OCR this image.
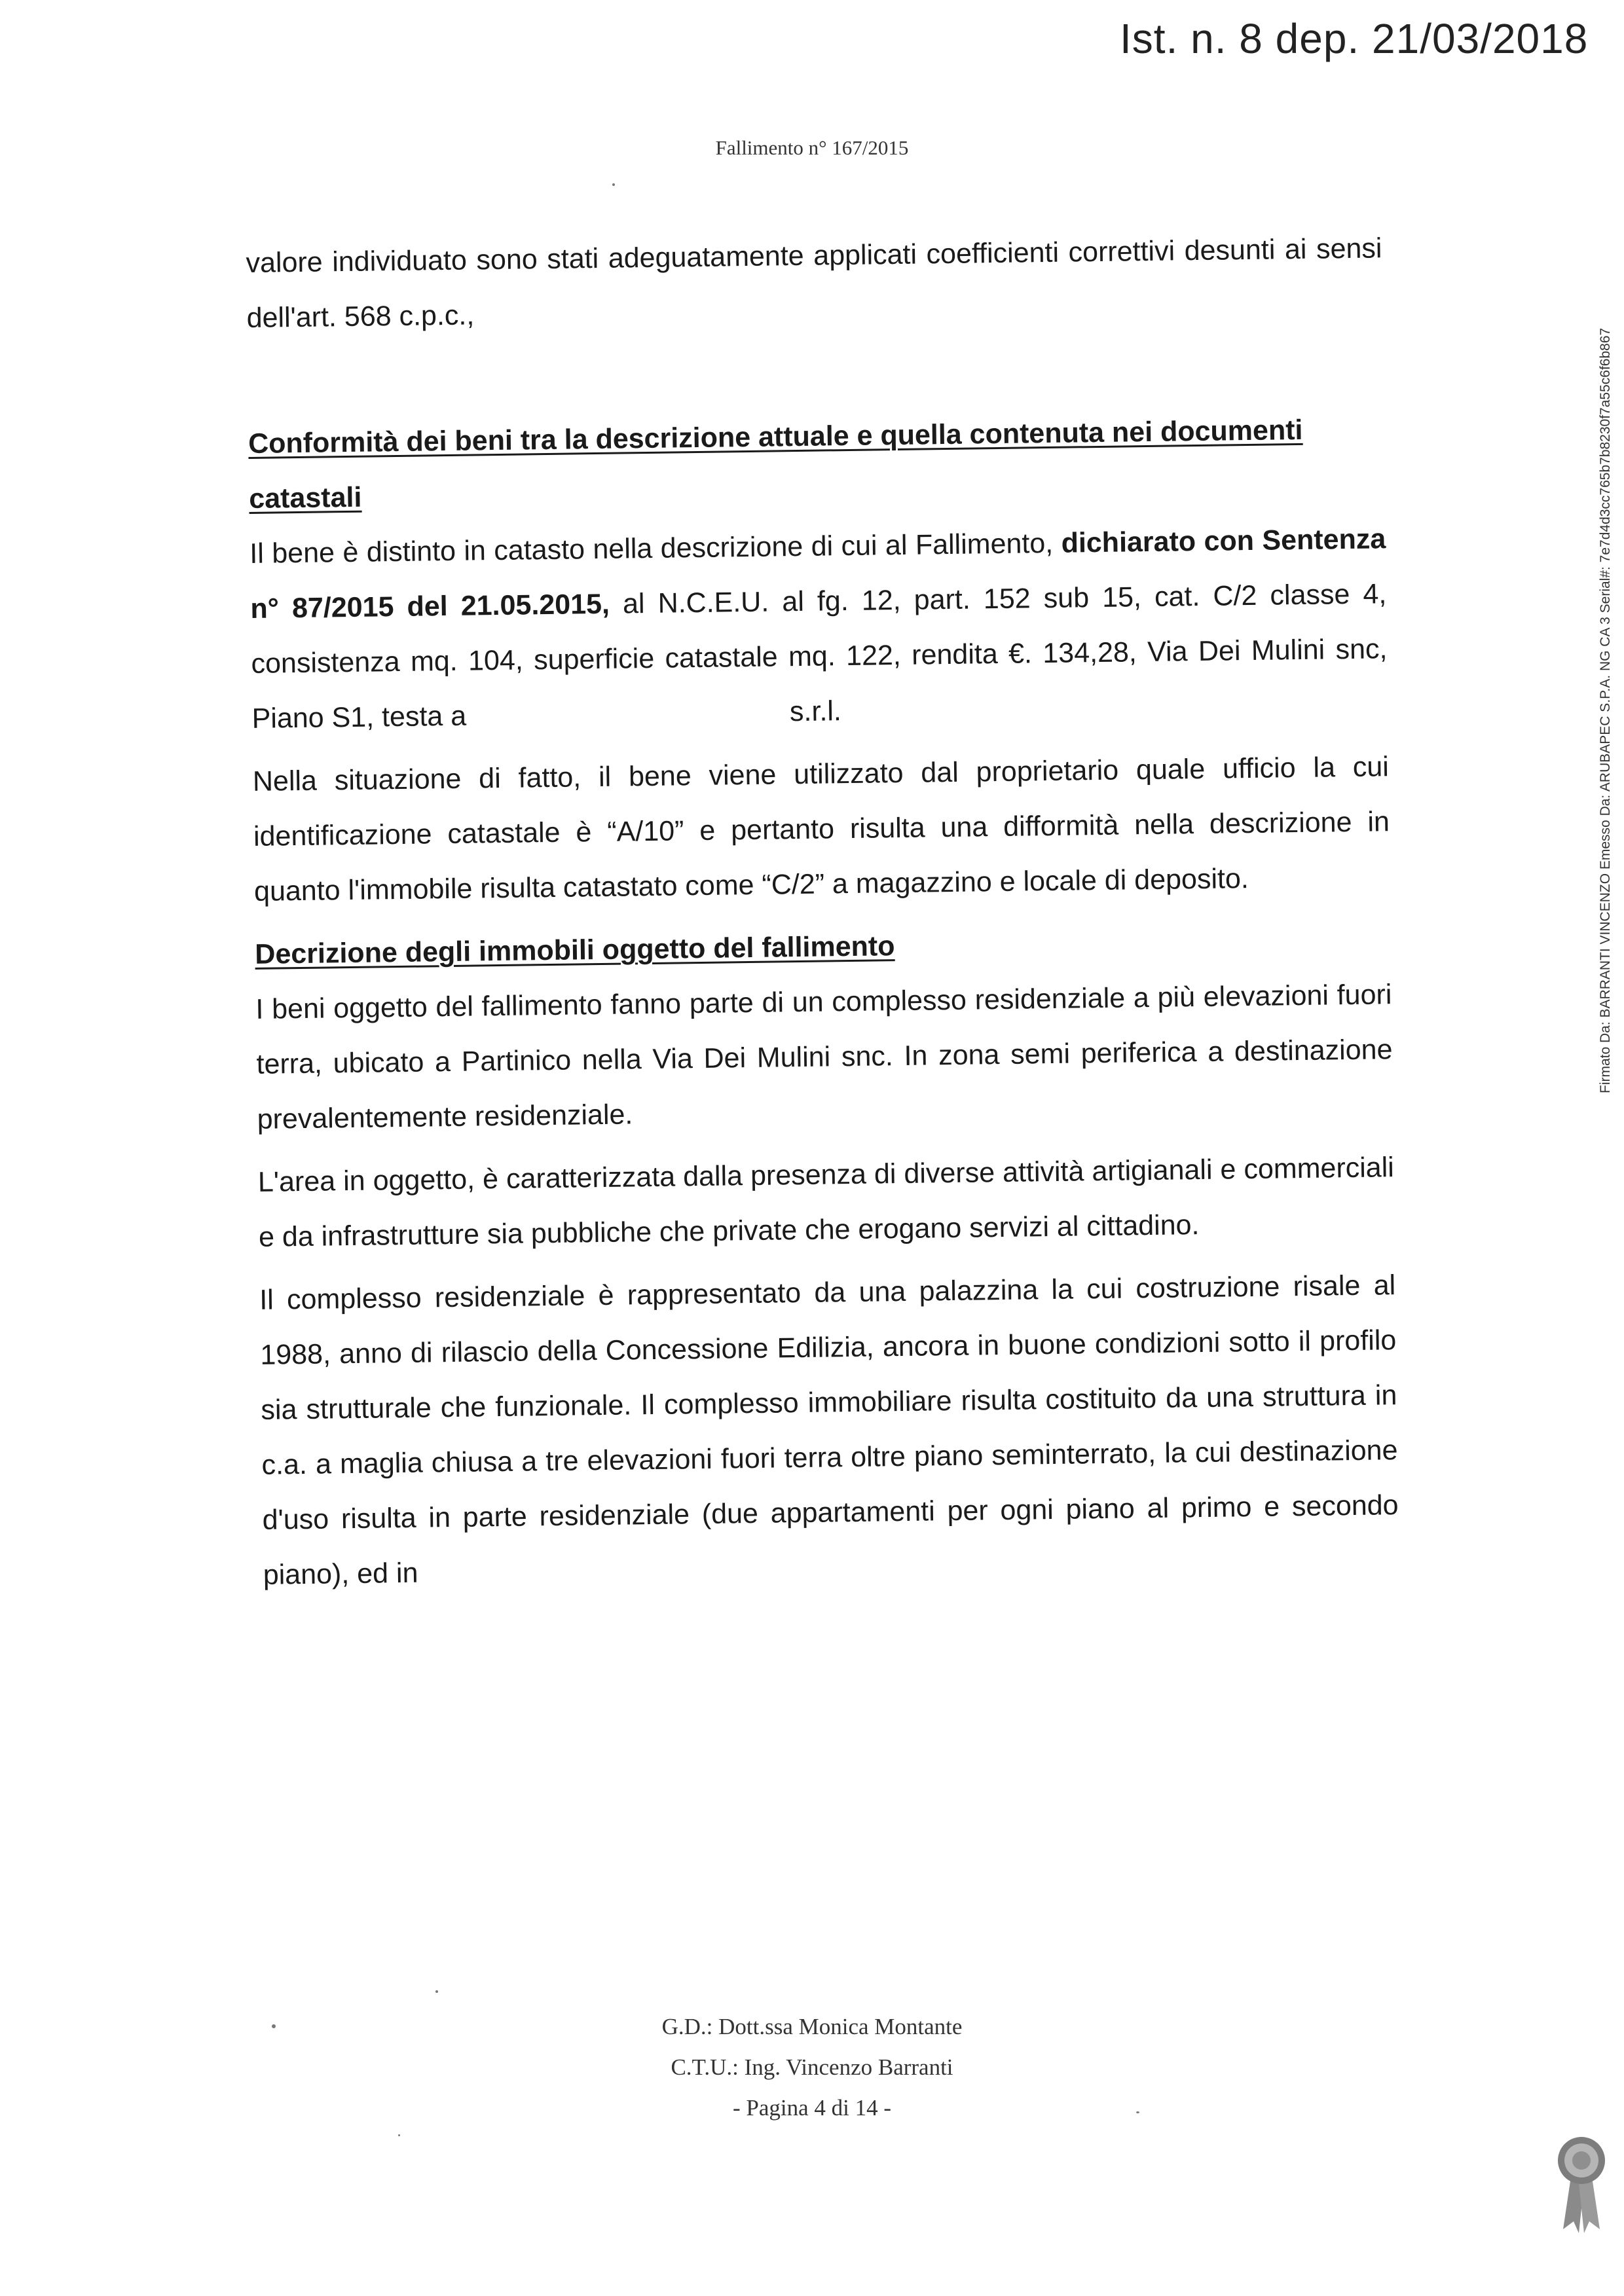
Ist. n. 8 dep. 21/03/2018
Fallimento n° 167/2015

valore individuato sono stati adeguatamente applicati coefficienti correttivi desunti ai sensi dell'art. 568 c.p.c.,

Conformità dei beni tra la descrizione attuale e quella contenuta nei documenti catastali

Il bene è distinto in catasto nella descrizione di cui al Fallimento, dichiarato con Sentenza n° 87/2015 del 21.05.2015, al N.C.E.U. al fg. 12, part. 152 sub 15, cat. C/2 classe 4, consistenza mq. 104, superficie catastale mq. 122, rendita €. 134,28, Via Dei Mulini snc, Piano S1, testa a	s.r.l.

Nella situazione di fatto, il bene viene utilizzato dal proprietario quale ufficio la cui identificazione catastale è “A/10” e pertanto risulta una difformità nella descrizione in quanto l'immobile risulta catastato come “C/2” a magazzino e locale di deposito.

Decrizione degli immobili oggetto del fallimento

I beni oggetto del fallimento fanno parte di un complesso residenziale a più elevazioni fuori terra, ubicato a Partinico nella Via Dei Mulini snc. In zona semi periferica a destinazione prevalentemente residenziale.

L'area in oggetto, è caratterizzata dalla presenza di diverse attività artigianali e commerciali e da infrastrutture sia pubbliche che private che erogano servizi al cittadino.

Il complesso residenziale è rappresentato da una palazzina la cui costruzione risale al 1988, anno di rilascio della Concessione Edilizia, ancora in buone condizioni sotto il profilo sia strutturale che funzionale. Il complesso immobiliare risulta costituito da una struttura in c.a. a maglia chiusa a tre elevazioni fuori terra oltre piano seminterrato, la cui destinazione d'uso risulta in parte residenziale (due appartamenti per ogni piano al primo e secondo piano), ed in

G.D.: Dott.ssa Monica Montante
C.T.U.: Ing. Vincenzo Barranti
- Pagina 4 di 14 -
Firmato Da: BARRANTI VINCENZO Emesso Da: ARUBAPEC S.P.A. NG CA 3 Serial#: 7e7d4d3cc765b7b8230f7a55c6f6b867
